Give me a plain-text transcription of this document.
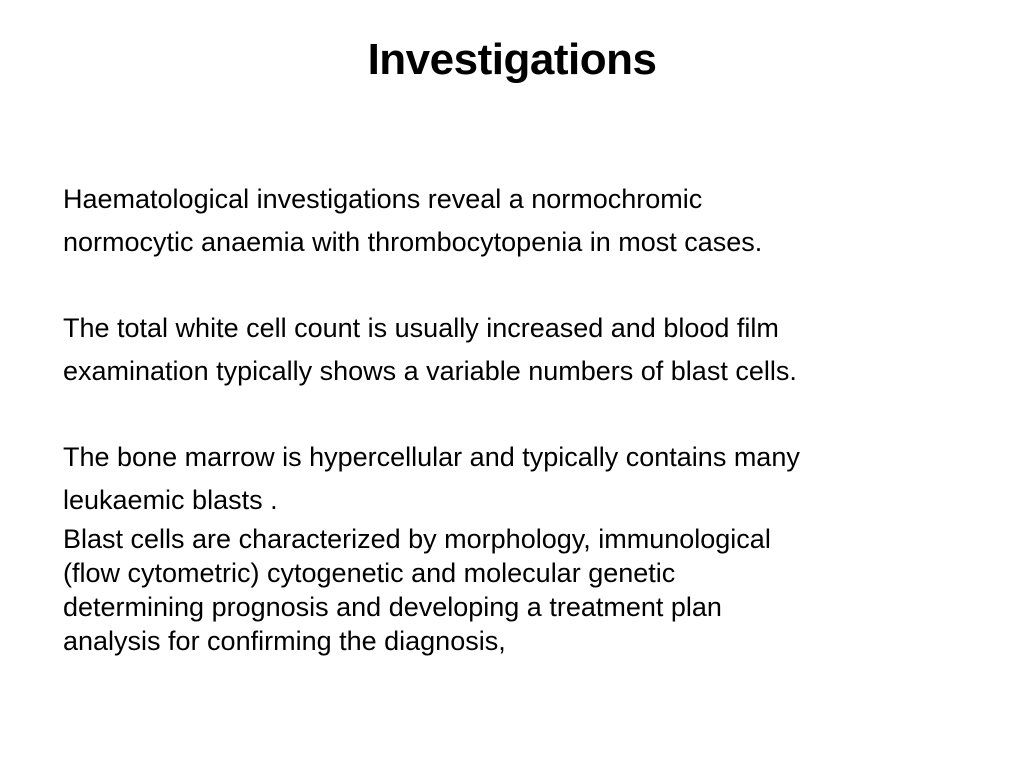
Investigations
Haematological investigations reveal a normochromic
normocytic anaemia with thrombocytopenia in most cases.
The total white cell count is usually increased and blood film
examination typically shows a variable numbers of blast cells.
The bone marrow is hypercellular and typically contains many
leukaemic blasts .
Blast cells are characterized by morphology, immunological
(flow cytometric) cytogenetic and molecular genetic
determining prognosis and developing a treatment plan
analysis for confirming the diagnosis,
